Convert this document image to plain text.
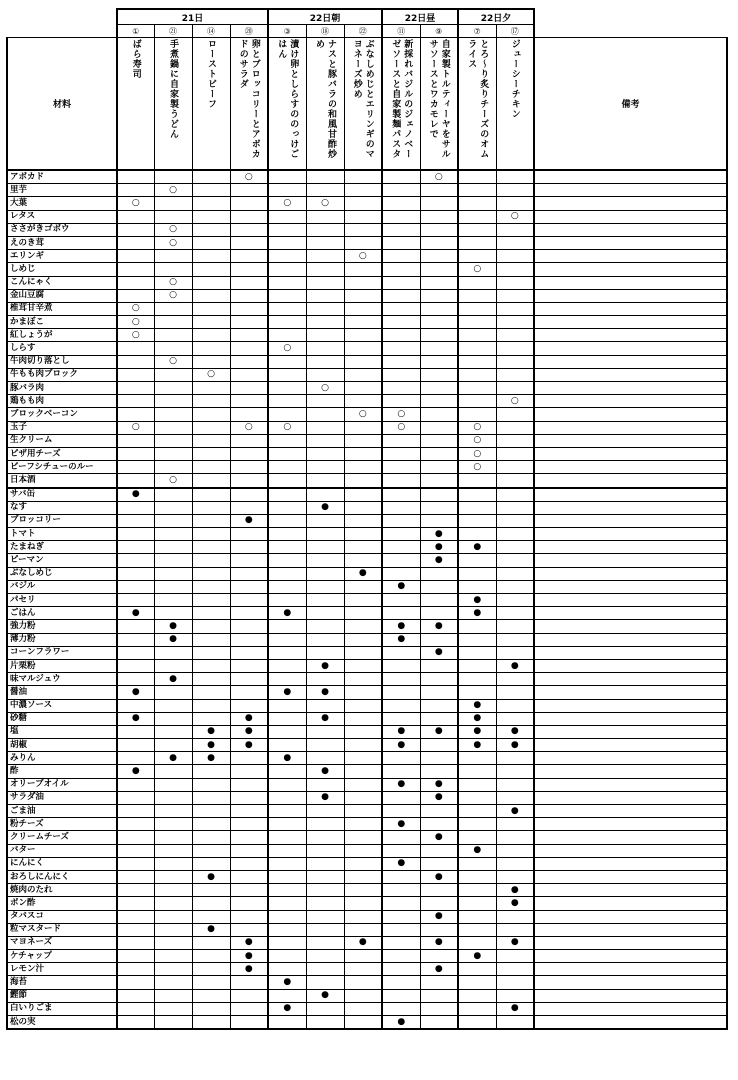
	21日				22日朝			22日昼		22日夕		
	①	㉑	⑭	⑳	③	⑱	㉒	⑪	⑨	⑦	⑰	
材料	ばら寿司	手煮鍋に自家製うどん	ローストビーフ	卵とブロッコリーとアボカドのサラダ	漬け卵としらすののっけごはん	ナスと豚バラの和風甘酢炒め	ぶなしめじとエリンギのマヨネーズ炒め	新採れバジルのジェノベーゼソースと自家製麺パスタ	自家製トルティーヤをサルサソースとワカモレで	とろ〜り炙りチーズのオムライス	ジューシーチキン	備考
アボカド				○					○			
里芋		○										
大葉	○				○	○						
レタス											○	
ささがきゴボウ		○										
えのき茸		○										
エリンギ							○					
しめじ										○		
こんにゃく		○										
金山豆腐		○										
椎茸甘辛煮	○											
かまぼこ	○											
紅しょうが	○											
しらす					○							
牛肉切り落とし		○										
牛もも肉ブロック			○									
豚バラ肉						○						
鶏もも肉											○	
ブロックベーコン							○	○				
玉子	○			○	○			○		○		
生クリーム										○		
ピザ用チーズ										○		
ビーフシチューのルー										○		
日本酒		○										
サバ缶	●											
なす						●						
ブロッコリー				●								
トマト									●			
たまねぎ									●	●		
ピーマン									●			
ぶなしめじ							●					
バジル								●				
パセリ										●		
ごはん	●				●					●		
強力粉		●						●	●			
薄力粉		●						●				
コーンフラワー									●			
片栗粉						●					●	
味マルジュウ		●										
醤油	●				●	●						
中濃ソース										●		
砂糖	●			●		●				●		
塩			●	●				●	●	●	●	
胡椒			●	●				●		●	●	
みりん		●	●		●							
酢	●					●						
オリーブオイル								●	●			
サラダ油						●			●			
ごま油											●	
粉チーズ								●				
クリームチーズ									●			
バター										●		
にんにく								●				
おろしにんにく			●						●			
焼肉のたれ											●	
ポン酢											●	
タバスコ									●			
粒マスタード			●									
マヨネーズ				●			●		●		●	
ケチャップ				●						●		
レモン汁				●					●			
海苔					●							
鰹節						●						
白いりごま					●						●	
松の実								●				
